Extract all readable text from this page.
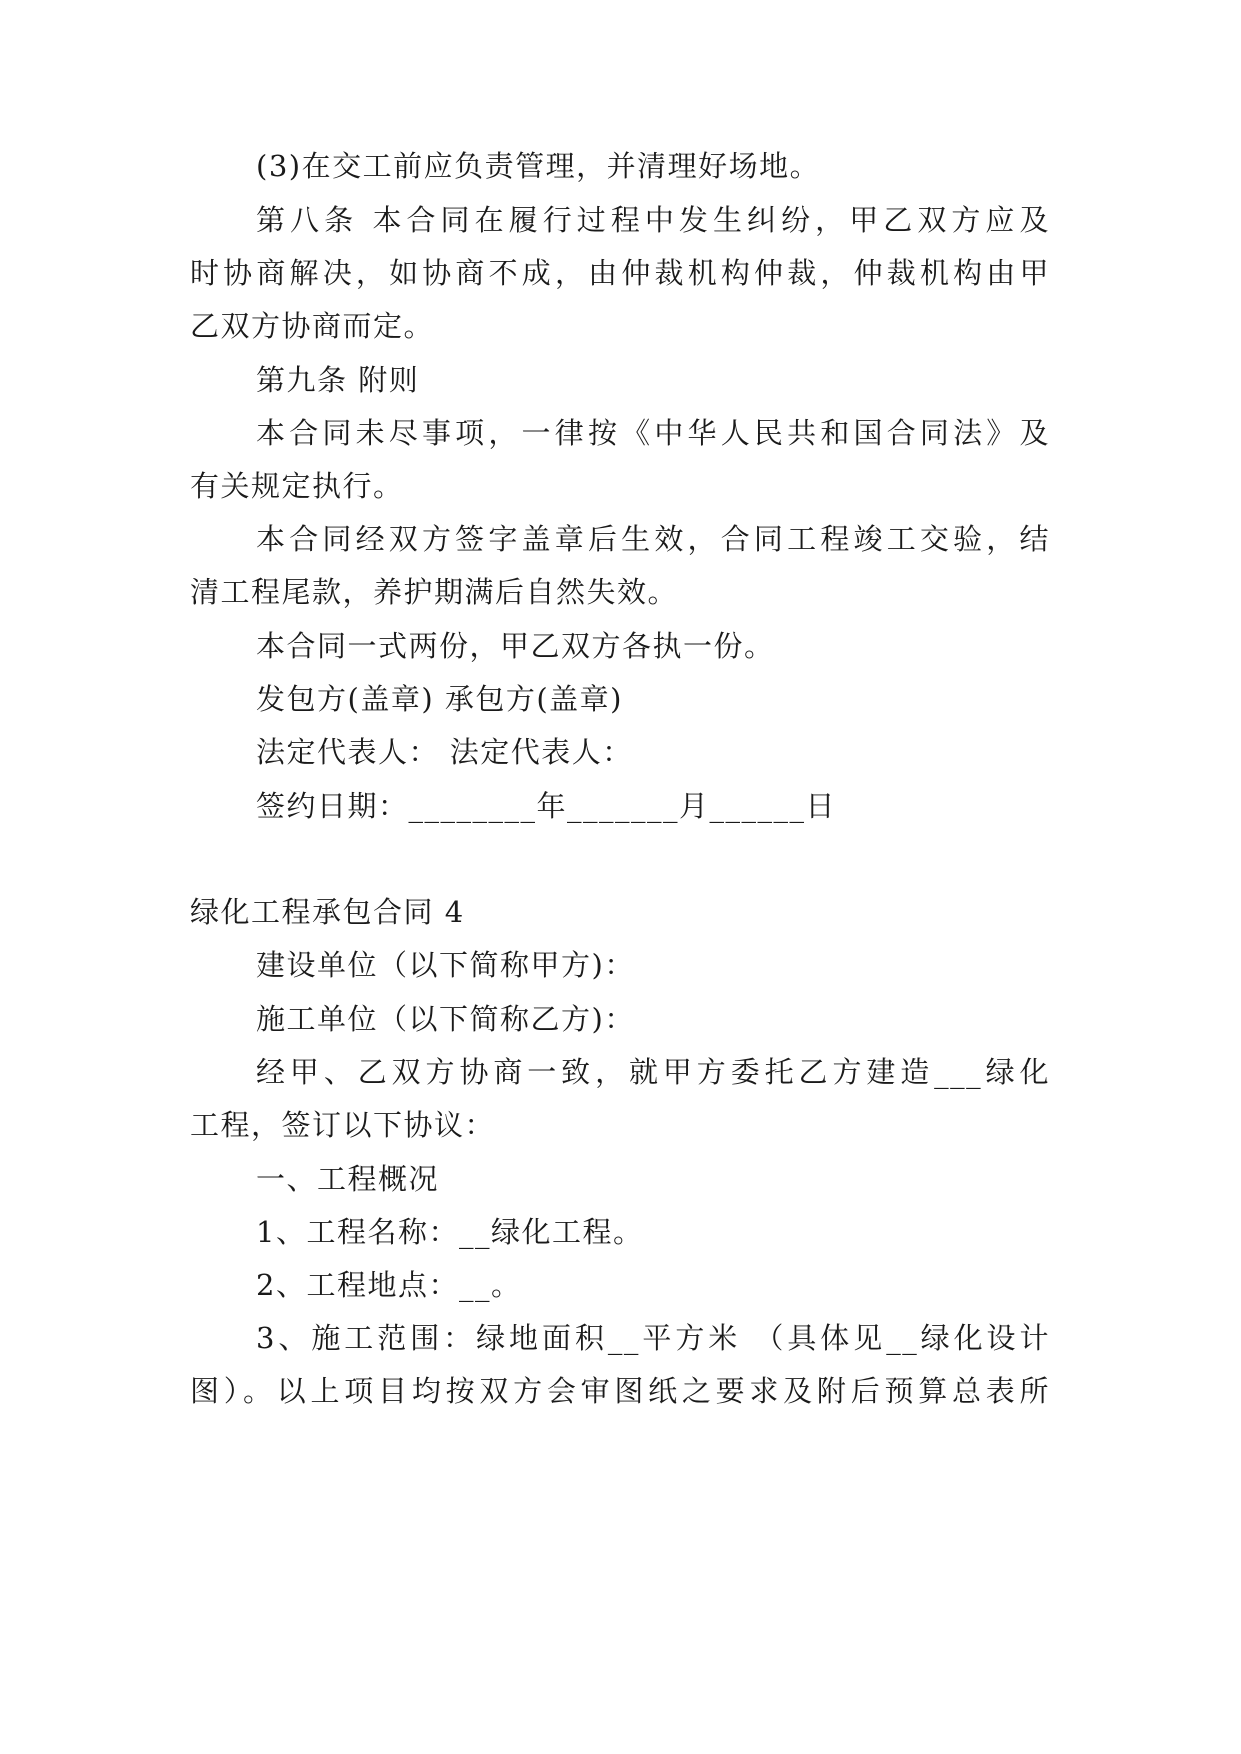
(3)在交工前应负责管理，并清理好场地。
第八条 本合同在履行过程中发生纠纷，甲乙双方应及
时协商解决，如协商不成，由仲裁机构仲裁，仲裁机构由甲
乙双方协商而定。
第九条 附则
本合同未尽事项，一律按《中华人民共和国合同法》及
有关规定执行。
本合同经双方签字盖章后生效，合同工程竣工交验，结
清工程尾款，养护期满后自然失效。
本合同一式两份，甲乙双方各执一份。
发包方(盖章) 承包方(盖章)
法定代表人： 法定代表人：
签约日期：________年_______月______日
绿化工程承包合同 4
建设单位（以下简称甲方)：
施工单位（以下简称乙方)：
经甲、乙双方协商一致，就甲方委托乙方建造___绿化
工程，签订以下协议：
一、工程概况
1、工程名称：__绿化工程。
2、工程地点：__。
3、施工范围：绿地面积__平方米 （具体见__绿化设计
图）。以上项目均按双方会审图纸之要求及附后预算总表所
